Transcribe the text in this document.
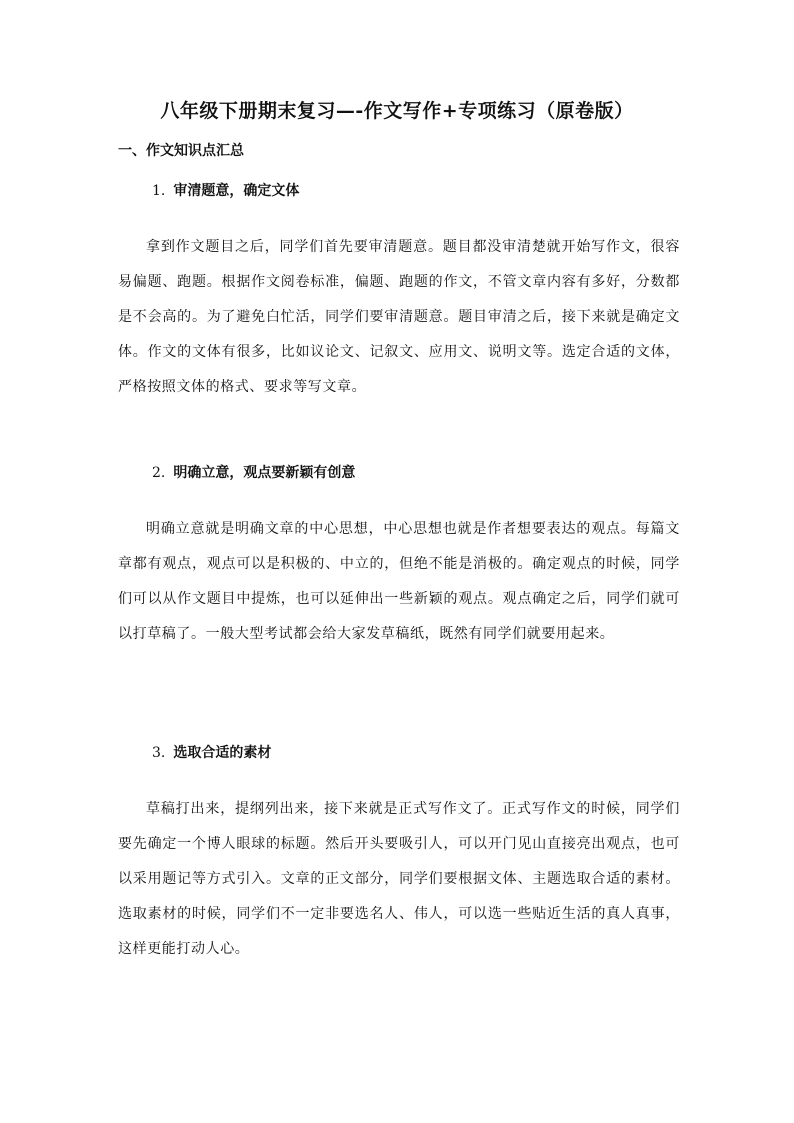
八年级下册期末复习—-作文写作+专项练习（原卷版）
一、作文知识点汇总
1. 审清题意，确定文体
拿到作文题目之后，同学们首先要审清题意。题目都没审清楚就开始写作文，很容易偏题、跑题。根据作文阅卷标准，偏题、跑题的作文，不管文章内容有多好，分数都是不会高的。为了避免白忙活，同学们要审清题意。题目审清之后，接下来就是确定文体。作文的文体有很多，比如议论文、记叙文、应用文、说明文等。选定合适的文体，严格按照文体的格式、要求等写文章。
2. 明确立意，观点要新颖有创意
明确立意就是明确文章的中心思想，中心思想也就是作者想要表达的观点。每篇文章都有观点，观点可以是积极的、中立的，但绝不能是消极的。确定观点的时候，同学们可以从作文题目中提炼，也可以延伸出一些新颖的观点。观点确定之后，同学们就可以打草稿了。一般大型考试都会给大家发草稿纸，既然有同学们就要用起来。
3. 选取合适的素材
草稿打出来，提纲列出来，接下来就是正式写作文了。正式写作文的时候，同学们要先确定一个博人眼球的标题。然后开头要吸引人，可以开门见山直接亮出观点，也可以采用题记等方式引入。文章的正文部分，同学们要根据文体、主题选取合适的素材。选取素材的时候，同学们不一定非要选名人、伟人，可以选一些贴近生活的真人真事，这样更能打动人心。
